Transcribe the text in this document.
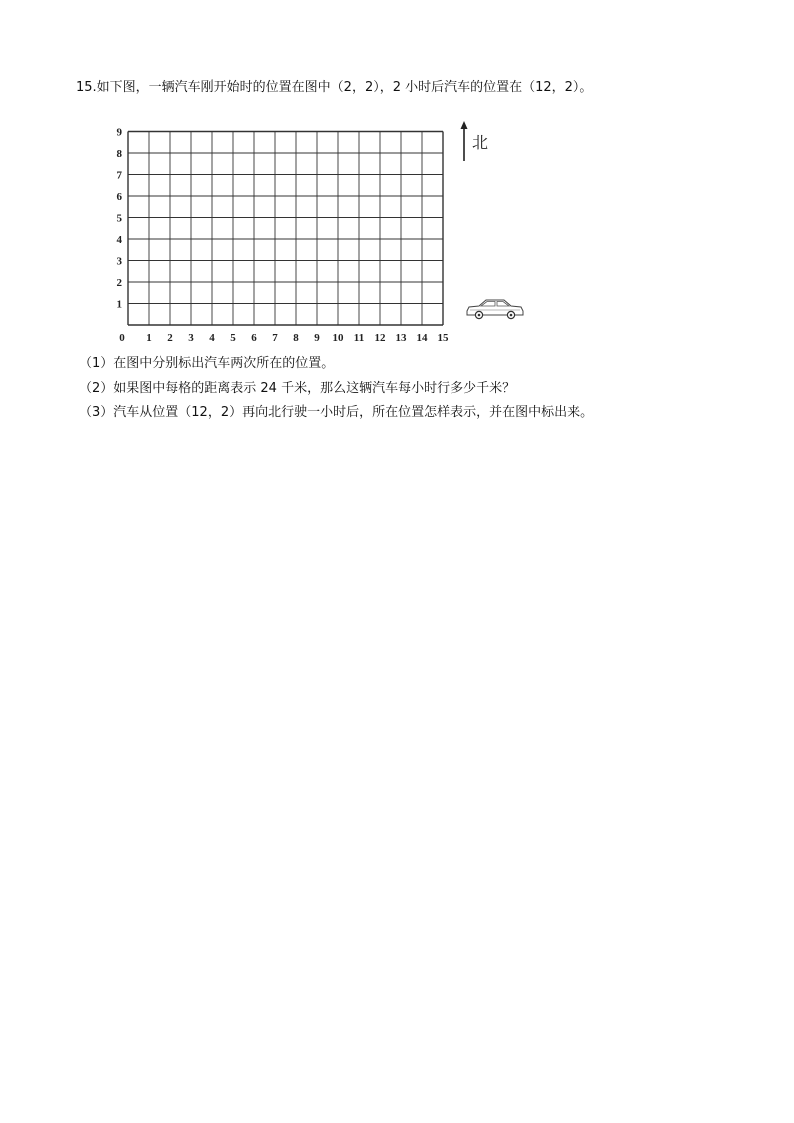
15.如下图，一辆汽车刚开始时的位置在图中（2，2），2 小时后汽车的位置在（12，2）。
0 1 2 3 4 5 6 7 8 9 10 11 12 13 14 15
1
2
3
4
5
6
7
8
9
北
（1）在图中分别标出汽车两次所在的位置。
（2）如果图中每格的距离表示 24 千米，那么这辆汽车每小时行多少千米？
（3）汽车从位置（12，2）再向北行驶一小时后，所在位置怎样表示，并在图中标出来。
